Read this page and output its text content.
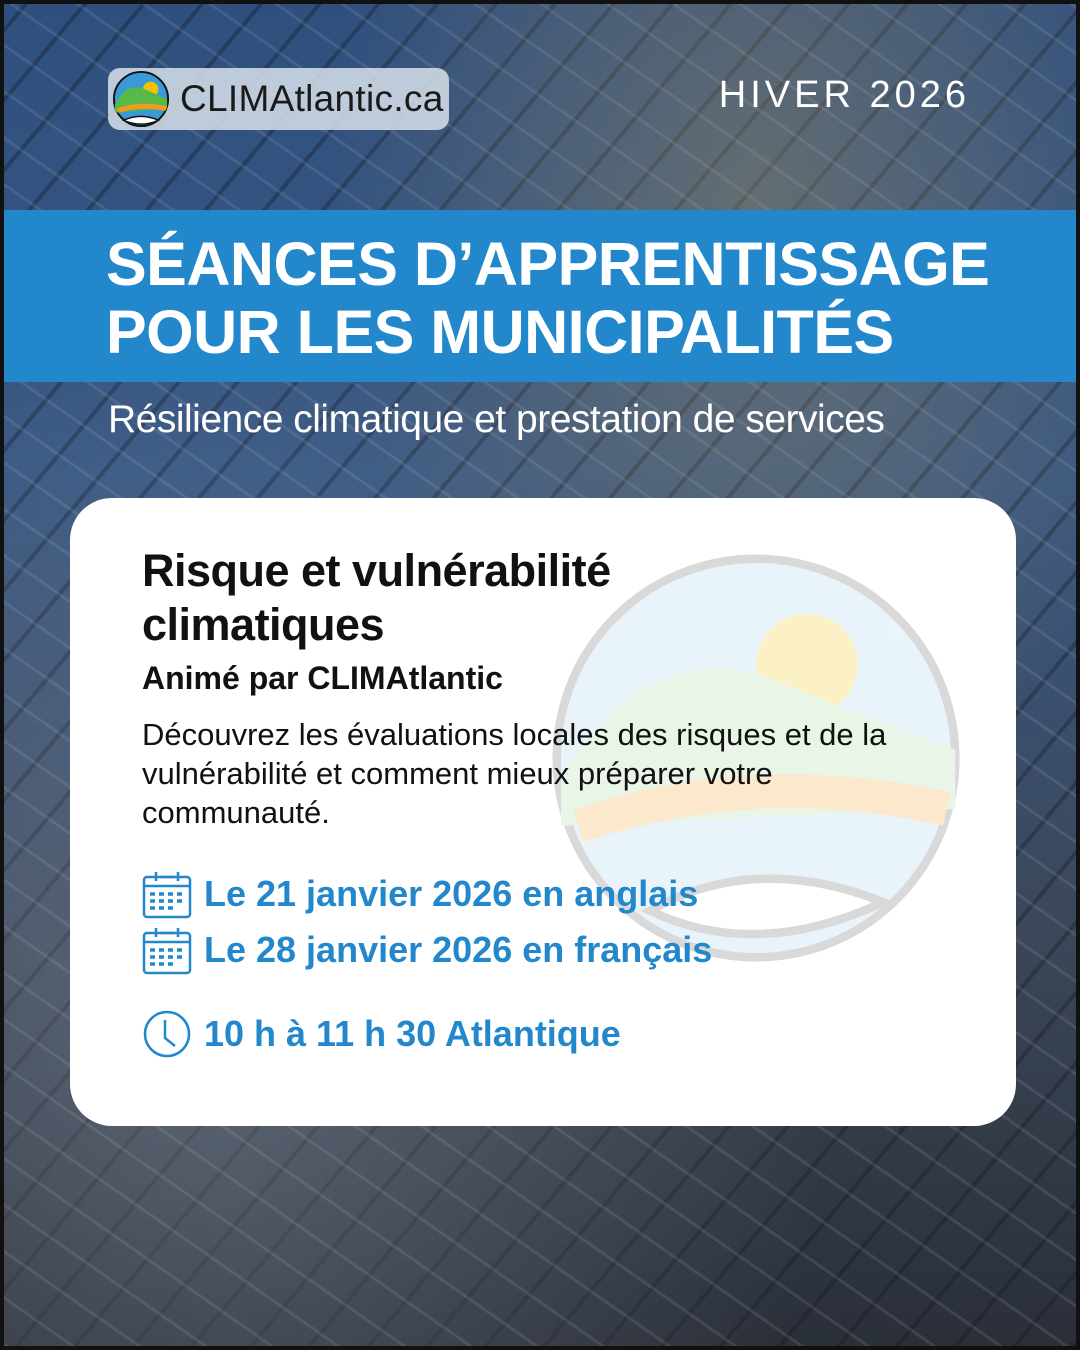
CLIMAtlantic.ca	HIVER 2026
SÉANCES D’APPRENTISSAGE
POUR LES MUNICIPALITÉS
Résilience climatique et prestation de services
Risque et vulnérabilité climatiques
Animé par CLIMAtlantic
Découvrez les évaluations locales des risques et de la vulnérabilité et comment mieux préparer votre communauté.
Le 21 janvier 2026 en anglais
Le 28 janvier 2026 en français
10 h à 11 h 30 Atlantique
